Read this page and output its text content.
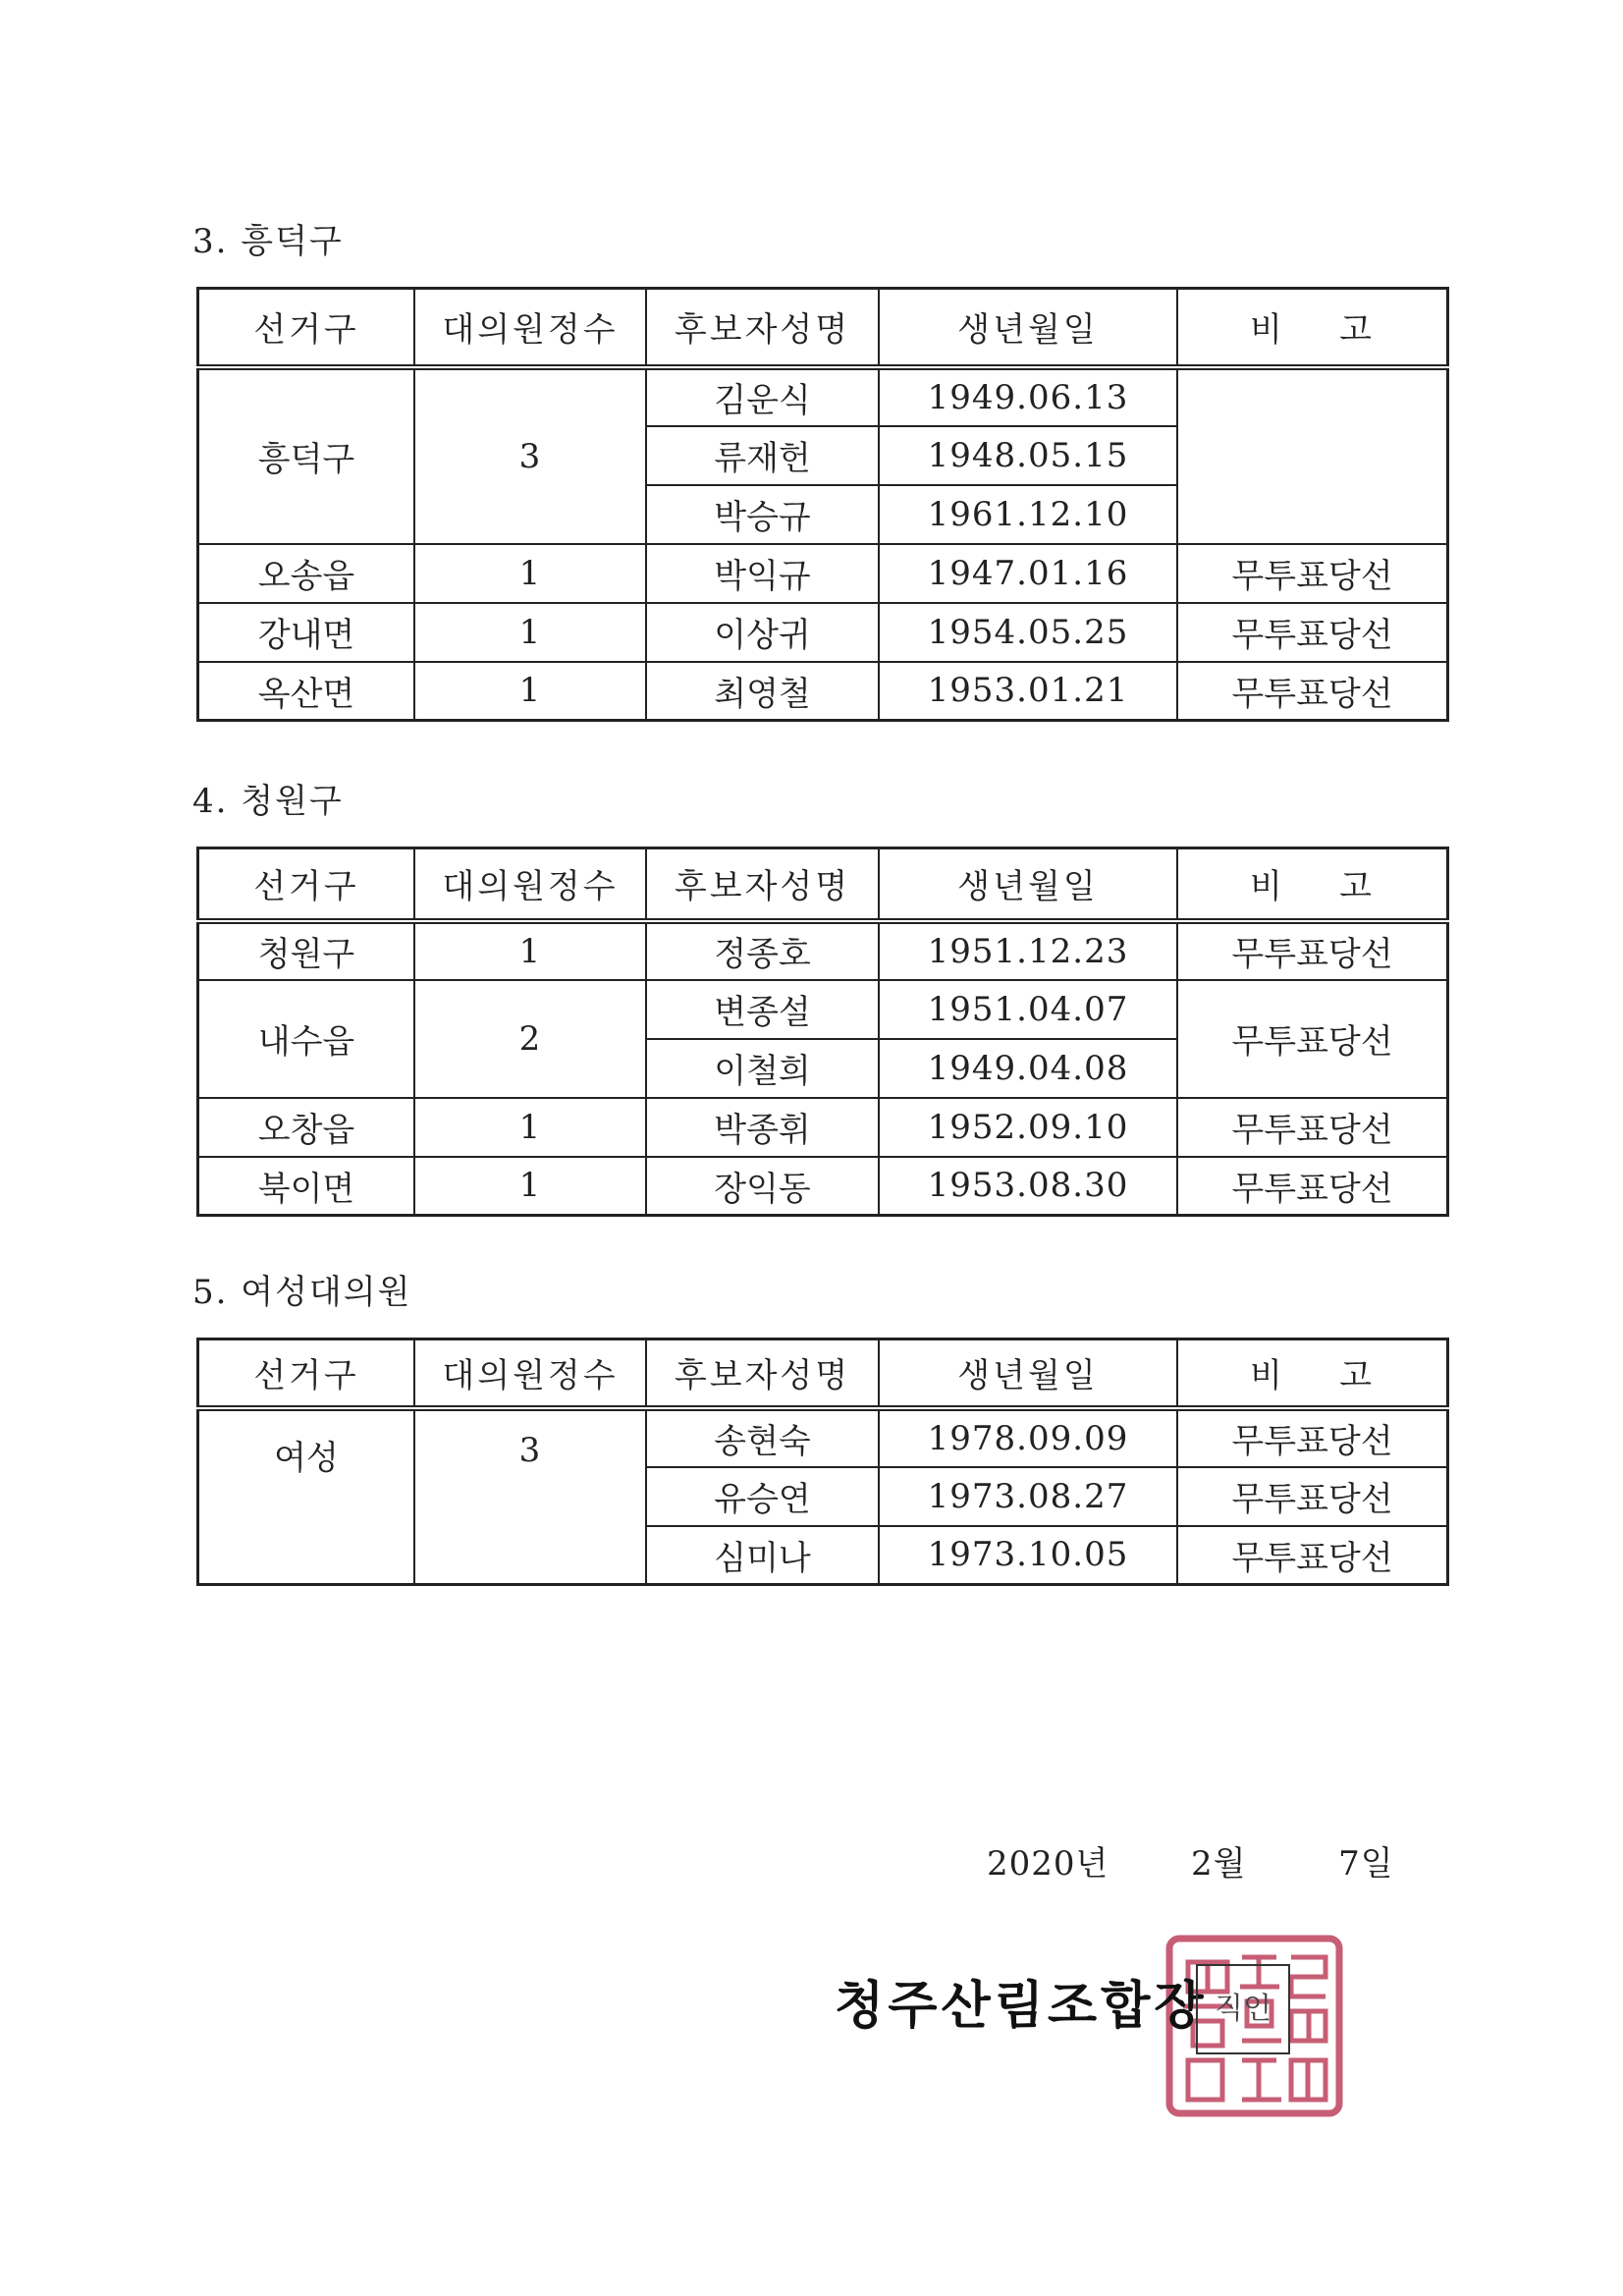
3. 흥덕구
선거구	대의원정수	후보자성명	생년월일	비    고
흥덕구	3	김운식	1949.06.13	
		류재헌	1948.05.15	
		박승규	1961.12.10	
오송읍	1	박익규	1947.01.16	무투표당선
강내면	1	이상귀	1954.05.25	무투표당선
옥산면	1	최영철	1953.01.21	무투표당선
4. 청원구
선거구	대의원정수	후보자성명	생년월일	비    고
청원구	1	정종호	1951.12.23	무투표당선
내수읍	2	변종설	1951.04.07	무투표당선
		이철희	1949.04.08	
오창읍	1	박종휘	1952.09.10	무투표당선
북이면	1	장익동	1953.08.30	무투표당선
5. 여성대의원
선거구	대의원정수	후보자성명	생년월일	비    고
여성	3	송현숙	1978.09.09	무투표당선
		유승연	1973.08.27	무투표당선
		심미나	1973.10.05	무투표당선
2020년 2월	7일
청주산림조합장 직인
